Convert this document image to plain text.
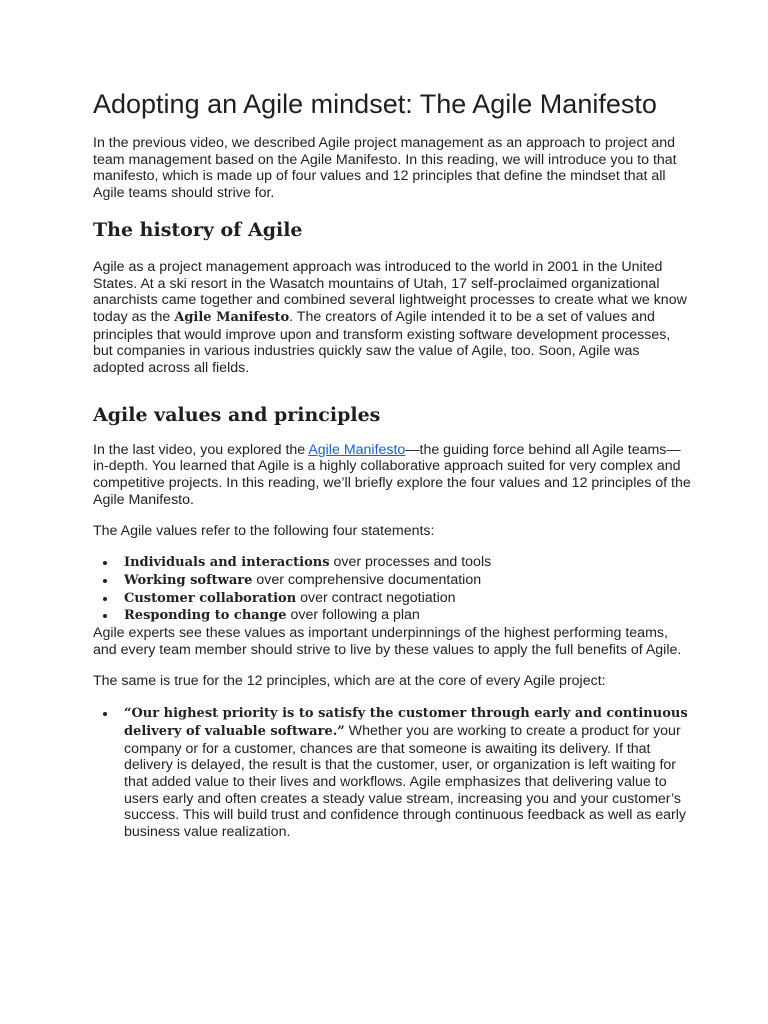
Adopting an Agile mindset: The Agile Manifesto

In the previous video, we described Agile project management as an approach to project and team management based on the Agile Manifesto. In this reading, we will introduce you to that manifesto, which is made up of four values and 12 principles that define the mindset that all Agile teams should strive for.

The history of Agile

Agile as a project management approach was introduced to the world in 2001 in the United States. At a ski resort in the Wasatch mountains of Utah, 17 self-proclaimed organizational anarchists came together and combined several lightweight processes to create what we know today as the Agile Manifesto. The creators of Agile intended it to be a set of values and principles that would improve upon and transform existing software development processes, but companies in various industries quickly saw the value of Agile, too. Soon, Agile was adopted across all fields.

Agile values and principles

In the last video, you explored the Agile Manifesto—the guiding force behind all Agile teams—in-depth. You learned that Agile is a highly collaborative approach suited for very complex and competitive projects. In this reading, we’ll briefly explore the four values and 12 principles of the Agile Manifesto.

The Agile values refer to the following four statements:

Individuals and interactions over processes and tools
Working software over comprehensive documentation
Customer collaboration over contract negotiation
Responding to change over following a plan

Agile experts see these values as important underpinnings of the highest performing teams, and every team member should strive to live by these values to apply the full benefits of Agile.

The same is true for the 12 principles, which are at the core of every Agile project:

“Our highest priority is to satisfy the customer through early and continuous delivery of valuable software.” Whether you are working to create a product for your company or for a customer, chances are that someone is awaiting its delivery. If that delivery is delayed, the result is that the customer, user, or organization is left waiting for that added value to their lives and workflows. Agile emphasizes that delivering value to users early and often creates a steady value stream, increasing you and your customer’s success. This will build trust and confidence through continuous feedback as well as early business value realization.
